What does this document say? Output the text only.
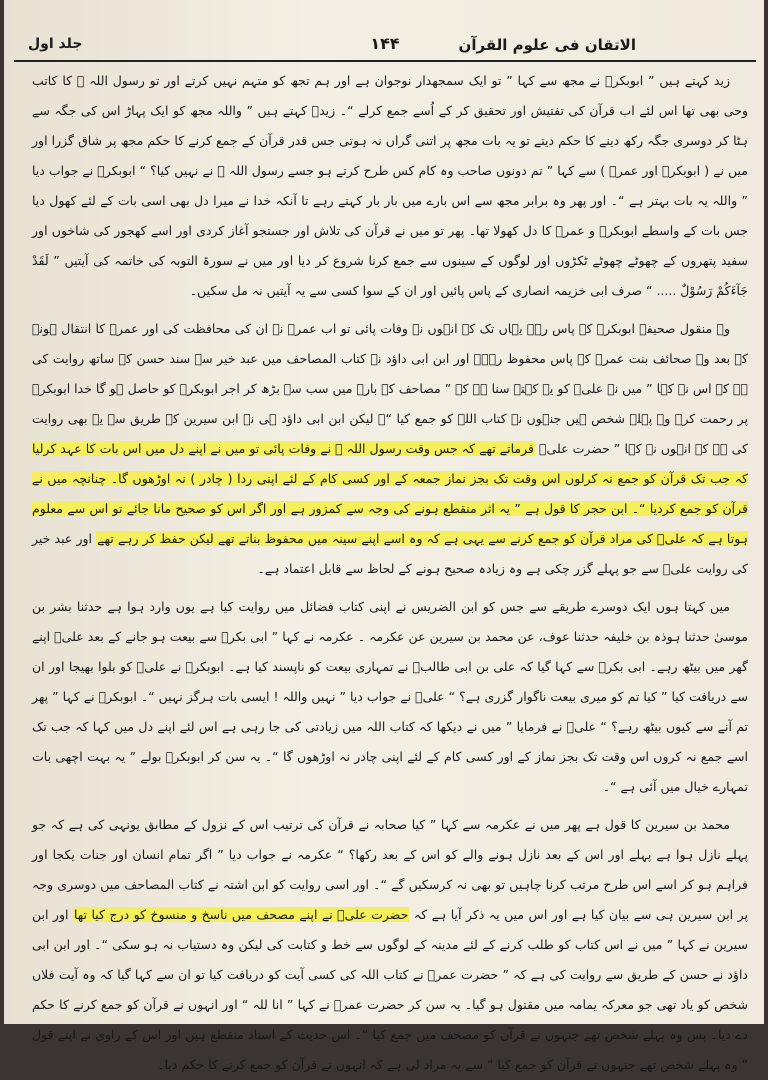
الاتقان فی علوم القرآن
۱۴۴
جلد اول

زید کہتے ہیں ” ابوبکرؓ نے مجھ سے کہا ” تو ایک سمجھدار نوجوان ہے اور ہم تجھ کو متہم نہیں کرتے اور تو رسول اللہ ﷺ کا کاتب وحی بھی تھا اس لئے اب قرآن کی تفتیش اور تحقیق کر کے اُسے جمع کرلے “۔ زیدؓ کہتے ہیں ” واللہ مجھ کو ایک پہاڑ اس کی جگہ سے ہٹا کر دوسری جگہ رکھ دینے کا حکم دیتے تو یہ بات مجھ پر اتنی گراں نہ ہوتی جس قدر قرآن کے جمع کرنے کا حکم مجھ پر شاق گزرا اور میں نے ( ابوبکرؓ اور عمرؓ ) سے کہا ” تم دونوں صاحب وہ کام کس طرح کرتے ہو جسے رسول اللہ ﷺ نے نہیں کیا؟ “ ابوبکرؓ نے جواب دیا ” واللہ یہ بات بہتر ہے “۔ اور پھر وہ برابر مجھ سے اس بارے میں بار بار کہتے رہے تا آنکہ خدا نے میرا دل بھی اسی بات کے لئے کھول دیا جس بات کے واسطے ابوبکرؓ و عمرؓ کا دل کھولا تھا۔ پھر تو میں نے قرآن کی تلاش اور جستجو آغاز کردی اور اسے کھجور کی شاخوں اور سفید پتھروں کے چھوٹے چھوٹے ٹکڑوں اور لوگوں کے سینوں سے جمع کرنا شروع کر دیا اور میں نے سورۃ التوبہ کی خاتمہ کی آیتیں ” لَقَدْ جَآءَكُمْ رَسُوْلٌ ..... “ صرف ابی خزیمہ انصاری کے پاس پائیں اور ان کے سوا کسی سے یہ آیتیں نہ مل سکیں۔

وہ منقول صحیفے ابوبکرؓ کے پاس رہے یہاں تک کہ انہوں نے وفات پائی تو اب عمرؓ نے ان کی محافظت کی اور عمرؓ کا انتقال ہونے کے بعد وہ صحائف بنت عمرؓ کے پاس محفوظ رہے۔ اور ابن ابی داؤد نے کتاب المصاحف میں عبد خیر سے سند حسن کے ساتھ روایت کی ہے کہ اس نے کہا ” میں نے علیؓ کو یہ کہتے سنا ہے کہ ” مصاحف کے بارے میں سب سے بڑھ کر اجر ابوبکرؓ کو حاصل ہو گا خدا ابوبکرؓ پر رحمت کرے وہ پہلے شخص ہیں جنہوں نے کتاب اللہ کو جمع کیا “۔ لیکن ابن ابی داؤد ہی نے ابن سیرین کے طریق سے یہ بھی روایت کی ہے کہ انہوں نے کہا ” حضرت علیؓ فرماتے تھے کہ جس وقت رسول اللہ ﷺ نے وفات پائی تو میں نے اپنے دل میں اس بات کا عہد کرلیا کہ جب تک قرآن کو جمع نہ کرلوں اس وقت تک بجز نماز جمعہ کے اور کسی کام کے لئے اپنی ردا ( چادر ) نہ اوڑھوں گا۔ چنانچہ میں نے قرآن کو جمع کردیا “۔ ابن حجر کا قول ہے ” یہ اثر منقطع ہونے کی وجہ سے کمزور ہے اور اگر اس کو صحیح مانا جائے تو اس سے معلوم ہوتا ہے کہ علیؓ کی مراد قرآن کو جمع کرنے سے یہی ہے کہ وہ اسے اپنے سینہ میں محفوظ بناتے تھے لیکن حفظ کر رہے تھے اور عبد خیر کی روایت علیؓ سے جو پہلے گزر چکی ہے وہ زیادہ صحیح ہونے کے لحاظ سے قابل اعتماد ہے۔

میں کہتا ہوں ایک دوسرے طریقے سے جس کو ابن الضریس نے اپنی کتاب فضائل میں روایت کیا ہے یوں وارد ہوا ہے حدثنا بشر بن موسیٰ حدثنا ہوذہ بن خلیفہ حدثنا عوف، عن محمد بن سیرین عن عکرمہ ۔ عکرمہ نے کہا ” ابی بکرؓ سے بیعت ہو جانے کے بعد علیؓ اپنے گھر میں بیٹھ رہے۔ ابی بکرؓ سے کہا گیا کہ علی بن ابی طالبؓ نے تمہاری بیعت کو ناپسند کیا ہے۔ ابوبکرؓ نے علیؓ کو بلوا بھیجا اور ان سے دریافت کیا ” کیا تم کو میری بیعت ناگوار گزری ہے؟ “ علیؓ نے جواب دیا ” نہیں واللہ ! ایسی بات ہرگز نہیں “۔ ابوبکرؓ نے کہا ” پھر تم آنے سے کیوں بیٹھ رہے؟ “ علیؓ نے فرمایا ” میں نے دیکھا کہ کتاب اللہ میں زیادتی کی جا رہی ہے اس لئے اپنے دل میں کہا کہ جب تک اسے جمع نہ کروں اس وقت تک بجز نماز کے اور کسی کام کے لئے اپنی چادر نہ اوڑھوں گا “۔ یہ سن کر ابوبکرؓ بولے ” یہ بہت اچھی بات تمہارے خیال میں آئی ہے “۔

محمد بن سیرین کا قول ہے پھر میں نے عکرمہ سے کہا ” کیا صحابہ نے قرآن کی ترتیب اس کے نزول کے مطابق یونہی کی ہے کہ جو پہلے نازل ہوا ہے پہلے اور اس کے بعد نازل ہونے والے کو اس کے بعد رکھا؟ “ عکرمہ نے جواب دیا ” اگر تمام انسان اور جنات یکجا اور فراہم ہو کر اسے اس طرح مرتب کرنا چاہیں تو بھی نہ کرسکیں گے “۔ اور اسی روایت کو ابن اشتہ نے کتاب المصاحف میں دوسری وجہ پر ابن سیرین ہی سے بیان کیا ہے اور اس میں یہ ذکر آیا ہے کہ حضرت علیؓ نے اپنے مصحف میں ناسخ و منسوخ کو درج کیا تھا اور ابن سیرین نے کہا ” میں نے اس کتاب کو طلب کرنے کے لئے مدینہ کے لوگوں سے خط و کتابت کی لیکن وہ دستیاب نہ ہو سکی “۔ اور ابن ابی داؤد نے حسن کے طریق سے روایت کی ہے کہ ” حضرت عمرؓ نے کتاب اللہ کی کسی آیت کو دریافت کیا تو ان سے کہا گیا کہ وہ آیت فلاں شخص کو یاد تھی جو معرکہ یمامہ میں مقتول ہو گیا۔ یہ سن کر حضرت عمرؓ نے کہا ” انا للہ “ اور انہوں نے قرآن کو جمع کرنے کا حکم دے دیا۔ پس وہ پہلے شخص تھے جنہوں نے قرآن کو مصحف میں جمع کیا “۔ اس حدیث کے اسناد منقطع ہیں اور اس کے راوی نے اپنے قول ” وہ پہلے شخص تھے جنہوں نے قرآن کو جمع کیا “ سے یہ مراد لی ہے کہ انہوں نے قرآن کو جمع کرنے کا حکم دیا۔
